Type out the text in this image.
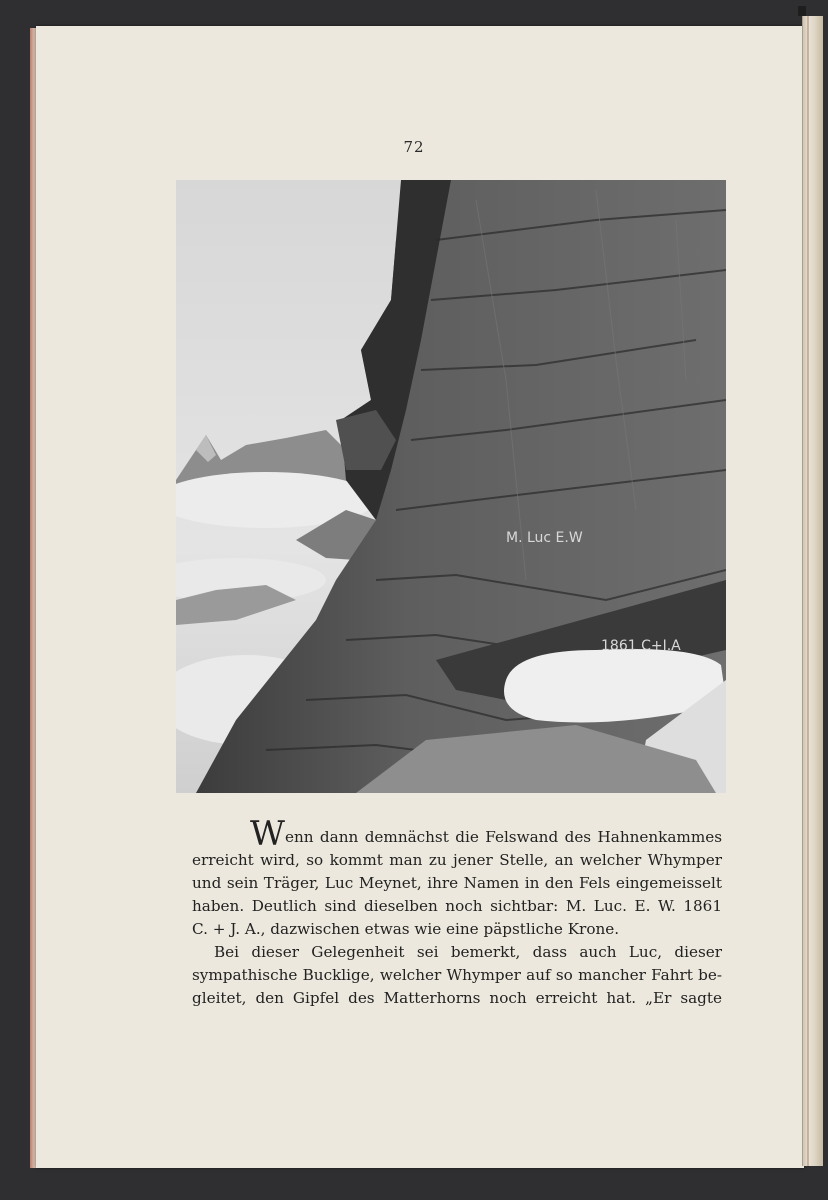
72
M. Luc E.W
1861 C+I.A
W enn dann demnächst die Felswand des Hahnenkammes
erreicht wird, so kommt man zu jener Stelle, an welcher Whymper
und sein Träger, Luc Meynet, ihre Namen in den Fels eingemeisselt
haben. Deutlich sind dieselben noch sichtbar: M. Luc. E. W. 1861
C. + J. A., dazwischen etwas wie eine päpstliche Krone.
Bei dieser Gelegenheit sei bemerkt, dass auch Luc, dieser
sympathische Bucklige, welcher Whymper auf so mancher Fahrt be-
gleitet, den Gipfel des Matterhorns noch erreicht hat. „Er sagte
